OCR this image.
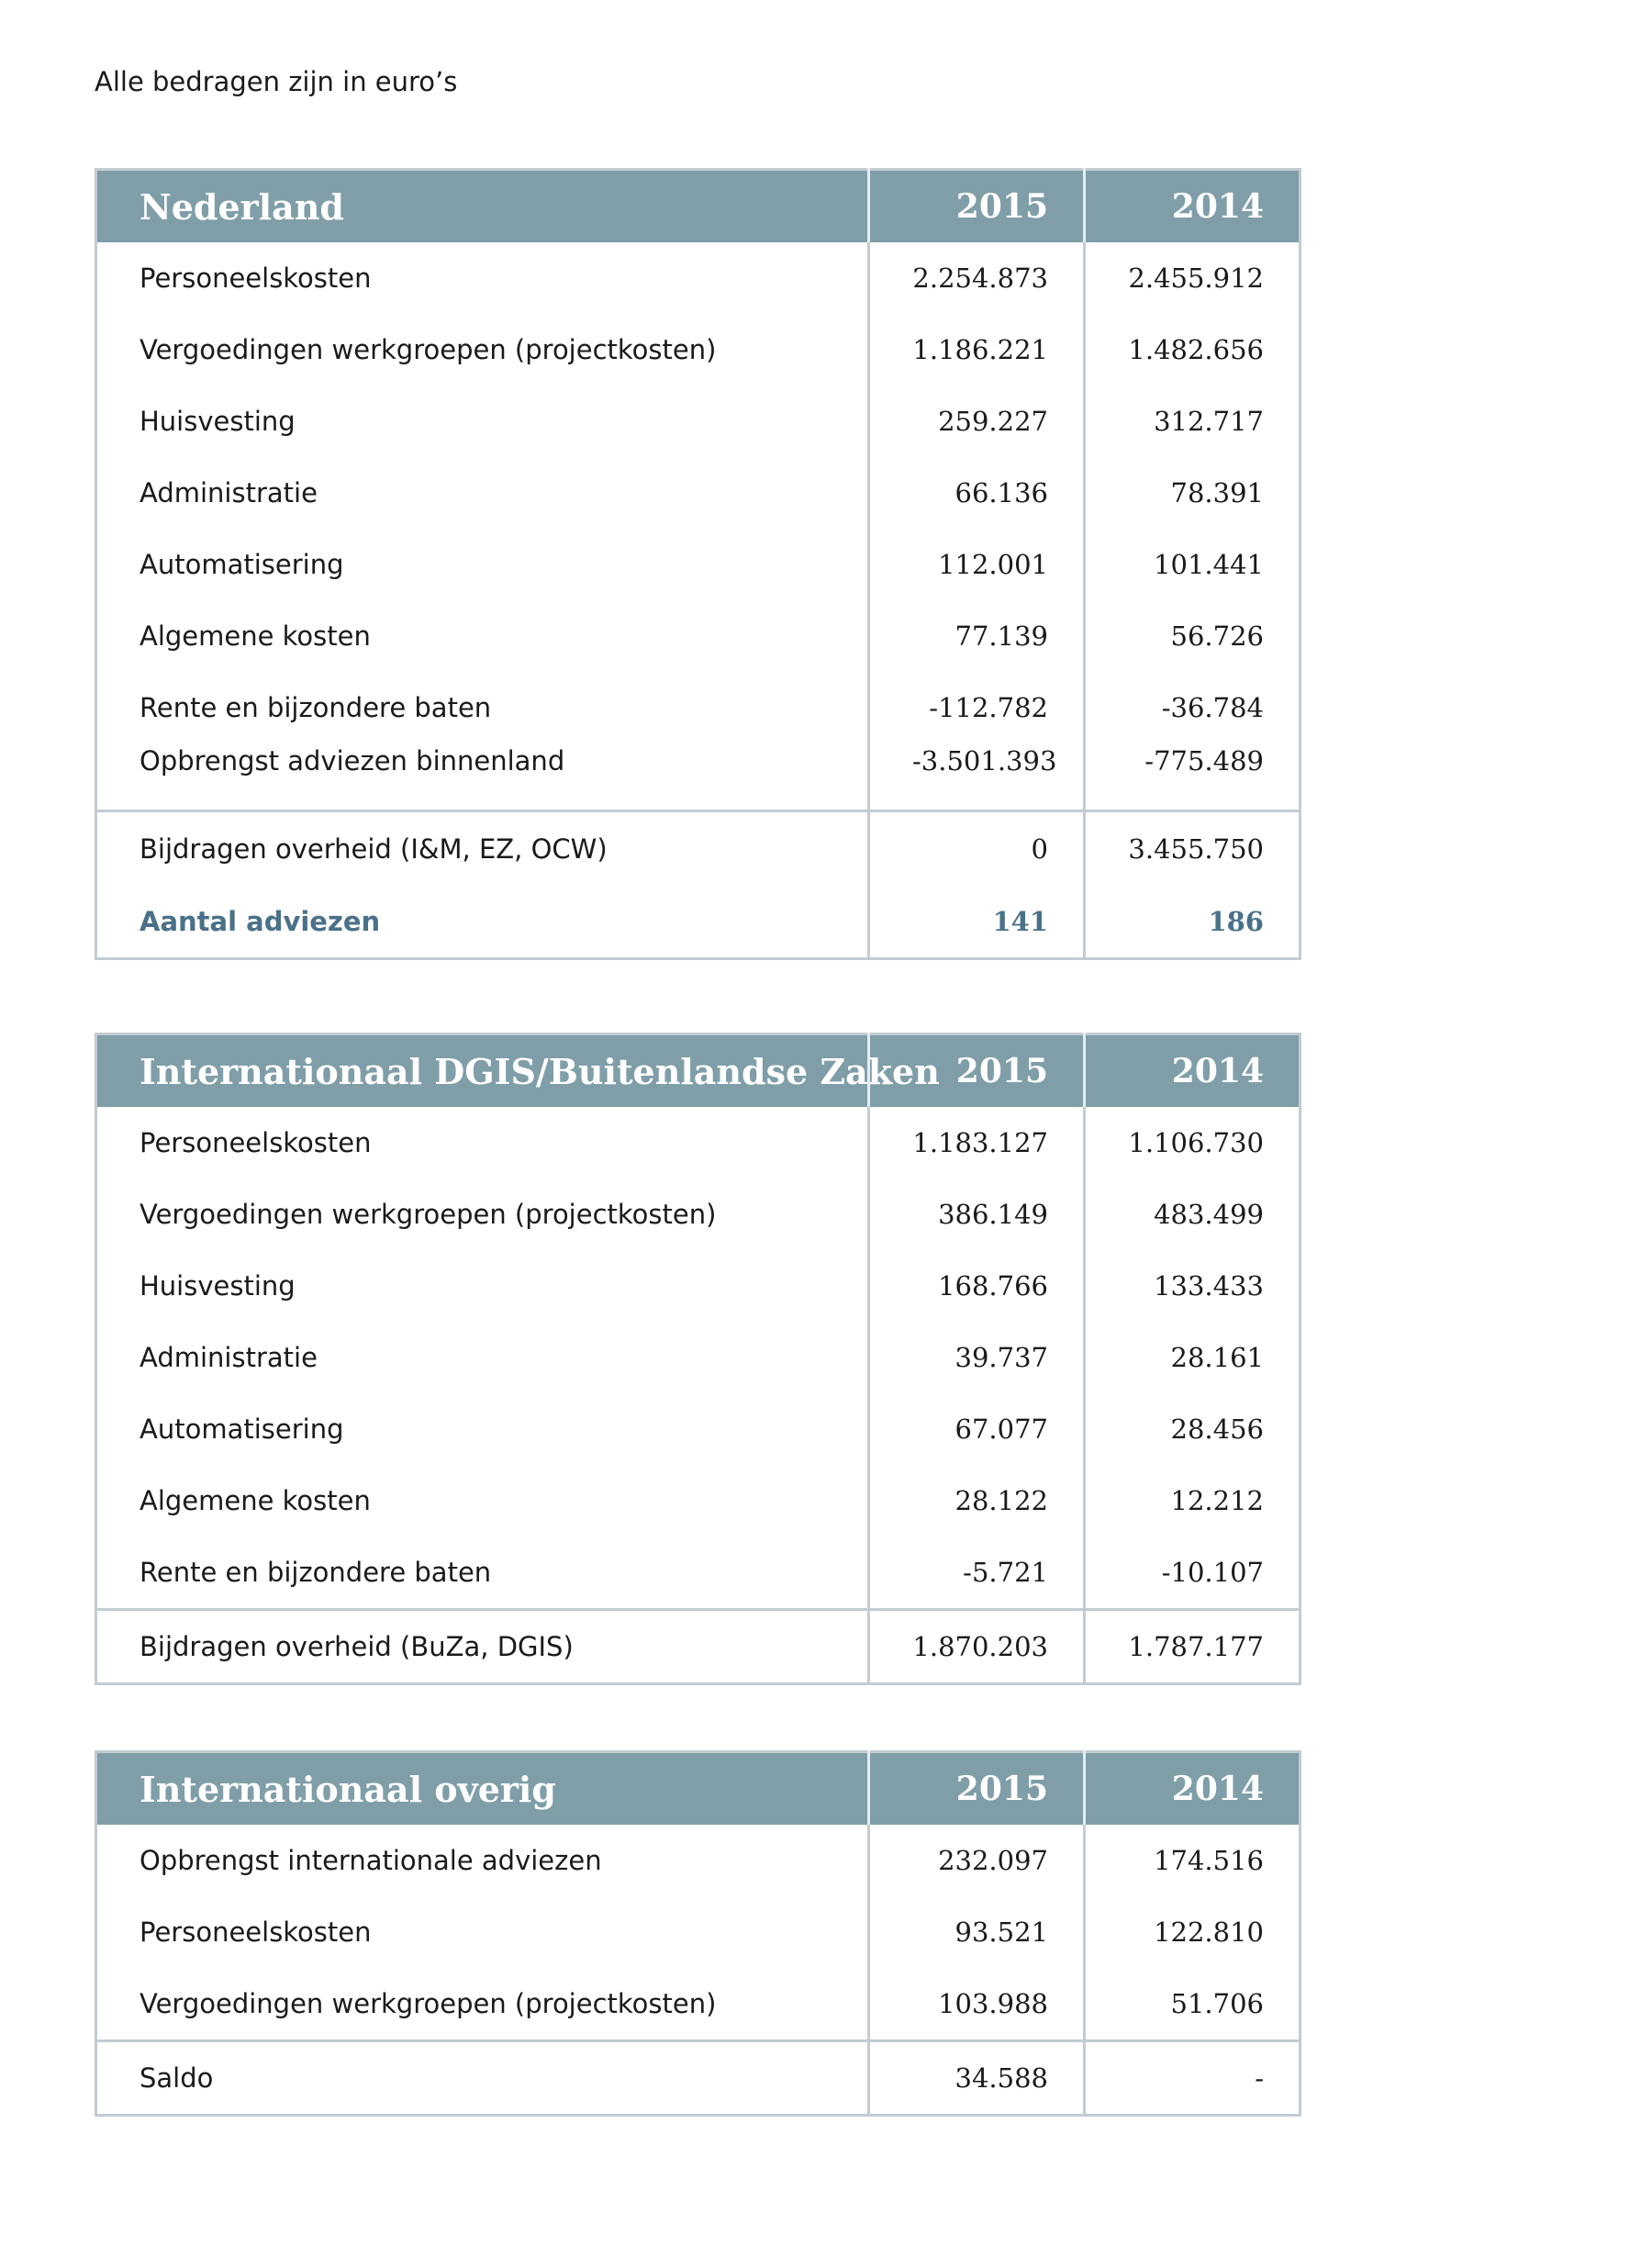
Alle bedragen zijn in euro’s

Nederland	2015	2014
Personeelskosten	2.254.873	2.455.912
Vergoedingen werkgroepen (projectkosten)	1.186.221	1.482.656
Huisvesting	259.227	312.717
Administratie	66.136	78.391
Automatisering	112.001	101.441
Algemene kosten	77.139	56.726
Rente en bijzondere baten	-112.782	-36.784
Opbrengst adviezen binnenland	-3.501.393	-775.489
Bijdragen overheid (I&M, EZ, OCW)	0	3.455.750
Aantal adviezen	141	186
Internationaal DGIS/Buitenlandse Zaken	2015	2014
Personeelskosten	1.183.127	1.106.730
Vergoedingen werkgroepen (projectkosten)	386.149	483.499
Huisvesting	168.766	133.433
Administratie	39.737	28.161
Automatisering	67.077	28.456
Algemene kosten	28.122	12.212
Rente en bijzondere baten	-5.721	-10.107
Bijdragen overheid (BuZa, DGIS)	1.870.203	1.787.177
Internationaal overig	2015	2014
Opbrengst internationale adviezen	232.097	174.516
Personeelskosten	93.521	122.810
Vergoedingen werkgroepen (projectkosten)	103.988	51.706
Saldo	34.588	-
